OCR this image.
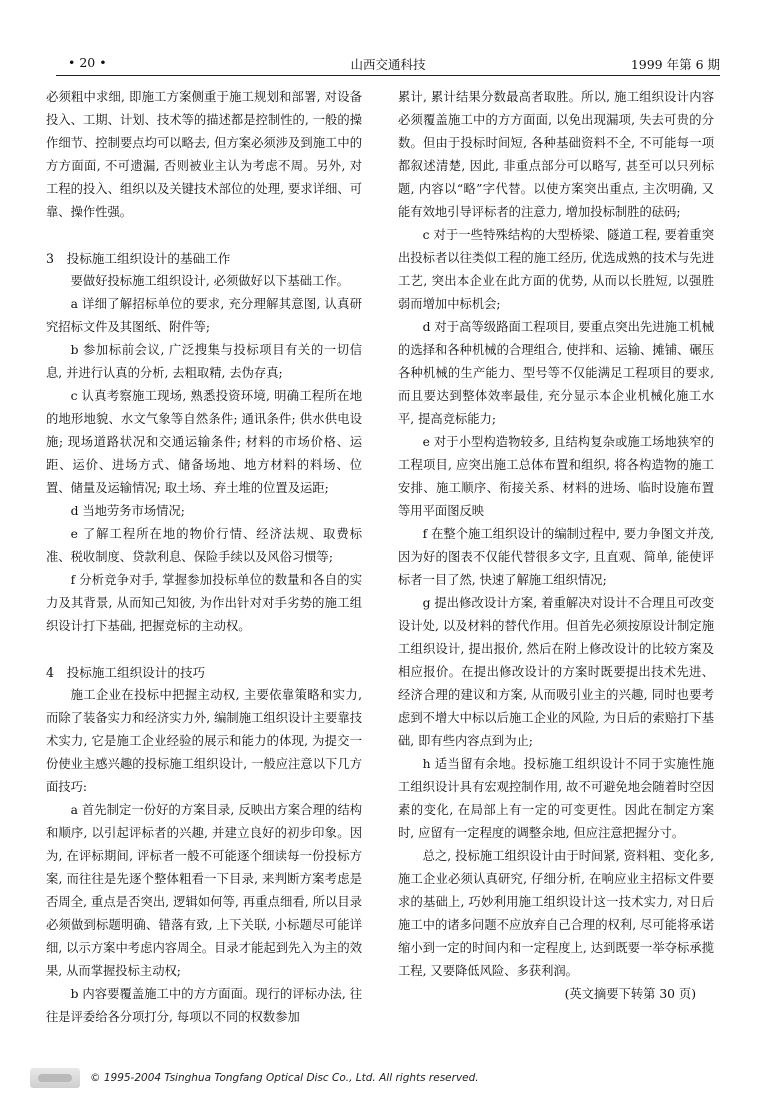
• 20 •	山西交通科技	1999 年第 6 期

必须粗中求细, 即施工方案侧重于施工规划和部署, 对设备投入、工期、计划、技术等的描述都是控制性的, 一般的操作细节、控制要点均可以略去, 但方案必须涉及到施工中的方方面面, 不可遗漏, 否则被业主认为考虑不周。另外, 对工程的投入、组织以及关键技术部位的处理, 要求详细、可靠、操作性强。

3　投标施工组织设计的基础工作

要做好投标施工组织设计, 必须做好以下基础工作。

a 详细了解招标单位的要求, 充分理解其意图, 认真研究招标文件及其图纸、附件等;

b 参加标前会议, 广泛搜集与投标项目有关的一切信息, 并进行认真的分析, 去粗取精, 去伪存真;

c 认真考察施工现场, 熟悉投资环境, 明确工程所在地的地形地貌、水文气象等自然条件; 通讯条件; 供水供电设施; 现场道路状况和交通运输条件; 材料的市场价格、运距、运价、进场方式、储备场地、地方材料的料场、位置、储量及运输情况; 取土场、弃土堆的位置及运距;

d 当地劳务市场情况;

e 了解工程所在地的物价行情、经济法规、取费标准、税收制度、贷款利息、保险手续以及风俗习惯等;

f 分析竞争对手, 掌握参加投标单位的数量和各自的实力及其背景, 从而知己知彼, 为作出针对对手劣势的施工组织设计打下基础, 把握竞标的主动权。

4　投标施工组织设计的技巧

施工企业在投标中把握主动权, 主要依靠策略和实力, 而除了装备实力和经济实力外, 编制施工组织设计主要靠技术实力, 它是施工企业经验的展示和能力的体现, 为提交一份使业主感兴趣的投标施工组织设计, 一般应注意以下几方面技巧:

a 首先制定一份好的方案目录, 反映出方案合理的结构和顺序, 以引起评标者的兴趣, 并建立良好的初步印象。因为, 在评标期间, 评标者一般不可能逐个细读每一份投标方案, 而往往是先逐个整体粗看一下目录, 来判断方案考虑是否周全, 重点是否突出, 逻辑如何等, 再重点细看, 所以目录必须做到标题明确、错落有致, 上下关联, 小标题尽可能详细, 以示方案中考虑内容周全。目录才能起到先入为主的效果, 从而掌握投标主动权;

b 内容要覆盖施工中的方方面面。现行的评标办法, 往往是评委给各分项打分, 每项以不同的权数参加

累计, 累计结果分数最高者取胜。所以, 施工组织设计内容必须覆盖施工中的方方面面, 以免出现漏项, 失去可贵的分数。但由于投标时间短, 各种基础资料不全, 不可能每一项都叙述清楚, 因此, 非重点部分可以略写, 甚至可以只列标题, 内容以“略”字代替。以使方案突出重点, 主次明确, 又能有效地引导评标者的注意力, 增加投标制胜的砝码;

c 对于一些特殊结构的大型桥梁、隧道工程, 要着重突出投标者以往类似工程的施工经历, 优选成熟的技术与先进工艺, 突出本企业在此方面的优势, 从而以长胜短, 以强胜弱而增加中标机会;

d 对于高等级路面工程项目, 要重点突出先进施工机械的选择和各种机械的合理组合, 使拌和、运输、摊铺、碾压各种机械的生产能力、型号等不仅能满足工程项目的要求, 而且要达到整体效率最佳, 充分显示本企业机械化施工水平, 提高竞标能力;

e 对于小型构造物较多, 且结构复杂或施工场地狭窄的工程项目, 应突出施工总体布置和组织, 将各构造物的施工安排、施工顺序、衔接关系、材料的进场、临时设施布置等用平面图反映

f 在整个施工组织设计的编制过程中, 要力争图文并茂, 因为好的图表不仅能代替很多文字, 且直观、简单, 能使评标者一目了然, 快速了解施工组织情况;

g 提出修改设计方案, 着重解决对设计不合理且可改变设计处, 以及材料的替代作用。但首先必须按原设计制定施工组织设计, 提出报价, 然后在附上修改设计的比较方案及相应报价。在提出修改设计的方案时既要提出技术先进、经济合理的建议和方案, 从而吸引业主的兴趣, 同时也要考虑到不增大中标以后施工企业的风险, 为日后的索赔打下基础, 即有些内容点到为止;

h 适当留有余地。投标施工组织设计不同于实施性施工组织设计具有宏观控制作用, 故不可避免地会随着时空因素的变化, 在局部上有一定的可变更性。因此在制定方案时, 应留有一定程度的调整余地, 但应注意把握分寸。

总之, 投标施工组织设计由于时间紧, 资料粗、变化多, 施工企业必须认真研究, 仔细分析, 在响应业主招标文件要求的基础上, 巧妙利用施工组织设计这一技术实力, 对日后施工中的诸多问题不应放弃自己合理的权利, 尽可能将承诺缩小到一定的时间内和一定程度上, 达到既要一举夺标承揽工程, 又要降低风险、多获利润。

(英文摘要下转第 30 页)

© 1995-2004 Tsinghua Tongfang Optical Disc Co., Ltd. All rights reserved.
